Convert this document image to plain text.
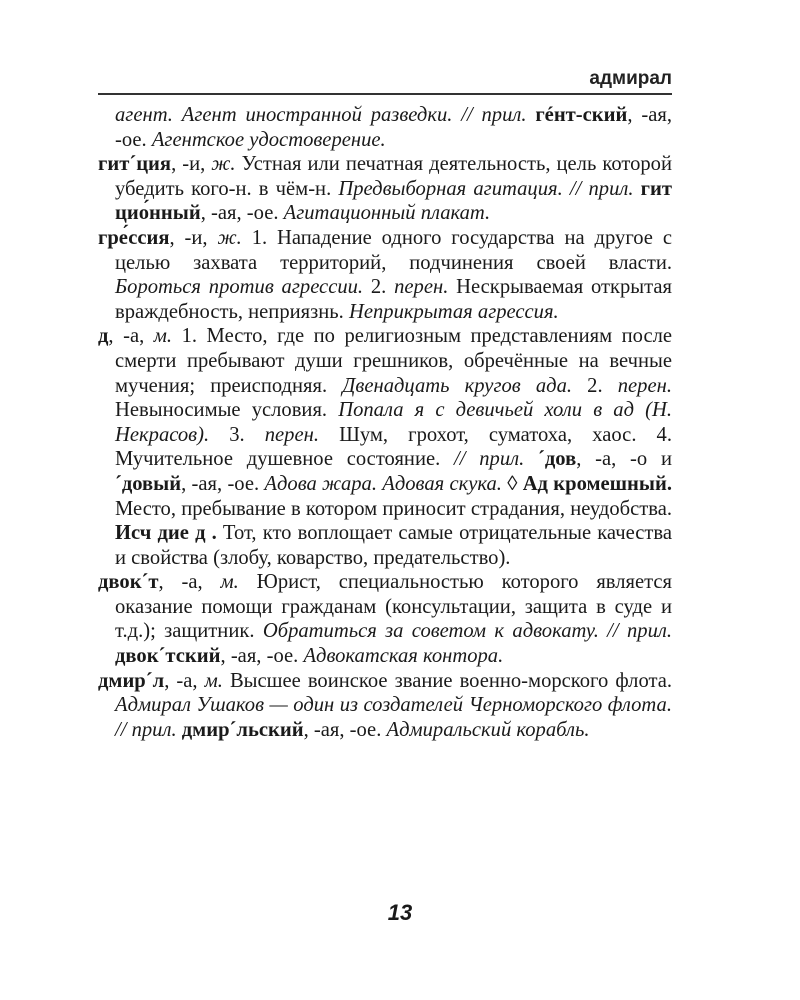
адмирал

агент. Агент иностранной разведки. // прил. гéнт-ский, -ая, -ое. Агентское удостоверение.

гит´ция, -и, ж. Устная или печатная деятельность, цель которой убедить кого-н. в чём-н. Предвыборная агитация. // прил. гит цио́нный, -ая, -ое. Агитационный плакат.

гре́ссия, -и, ж. 1. Нападение одного государства на другое с целью захвата территорий, подчинения своей власти. Бороться против агрессии. 2. перен. Нескрываемая открытая враждебность, неприязнь. Неприкрытая агрессия.

д, -а, м. 1. Место, где по религиозным представлениям после смерти пребывают души грешников, обречённые на вечные мучения; преисподняя. Двенадцать кругов ада. 2. перен. Невыносимые условия. Попала я с девичьей холи в ад (Н. Некрасов). 3. перен. Шум, грохот, суматоха, хаос. 4. Мучительное душевное состояние. // прил. ´дов, -а, -о и ´довый, -ая, -ое. Адова жара. Адовая скука. ◊ Ад кромешный. Место, пребывание в котором приносит страдания, неудобства. Исч дие д . Тот, кто воплощает самые отрицательные качества и свойства (злобу, коварство, предательство).

двок´т, -а, м. Юрист, специальностью которого является оказание помощи гражданам (консультации, защита в суде и т.д.); защитник. Обратиться за советом к адвокату. // прил. двок´тский, -ая, -ое. Адвокатская контора.

дмир´л, -а, м. Высшее воинское звание военно-морского флота. Адмирал Ушаков — один из создателей Черноморского флота. // прил. дмир´льский, -ая, -ое. Адмиральский корабль.

13
